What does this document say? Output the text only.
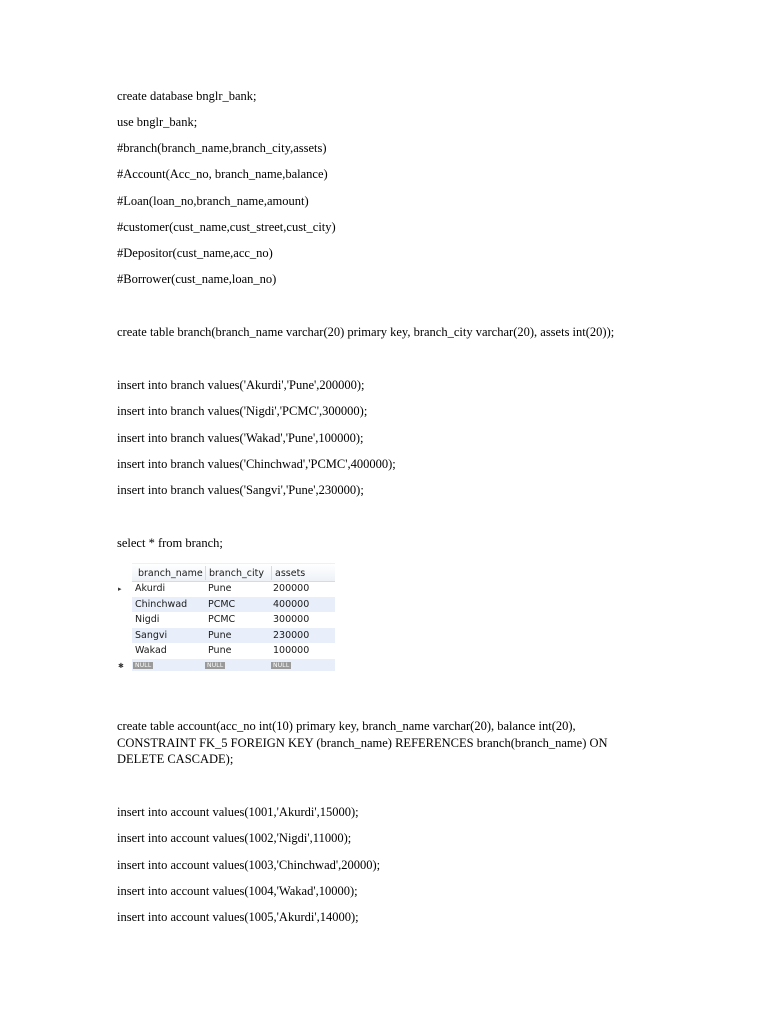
create database bnglr_bank;

use bnglr_bank;

#branch(branch_name,branch_city,assets)

#Account(Acc_no, branch_name,balance)

#Loan(loan_no,branch_name,amount)

#customer(cust_name,cust_street,cust_city)

#Depositor(cust_name,acc_no)

#Borrower(cust_name,loan_no)

create table branch(branch_name varchar(20) primary key, branch_city varchar(20), assets int(20));

insert into branch values('Akurdi','Pune',200000);

insert into branch values('Nigdi','PCMC',300000);

insert into branch values('Wakad','Pune',100000);

insert into branch values('Chinchwad','PCMC',400000);

insert into branch values('Sangvi','Pune',230000);

select * from branch;

branch_name branch_city assets
▸ Akurdi	Pune	200000
Chinchwad PCMC	400000
Nigdi	PCMC	300000
Sangvi	Pune	230000
Wakad	Pune	100000
✱	NULL	NULL	NULL

create table account(acc_no int(10) primary key, branch_name varchar(20), balance int(20), CONSTRAINT FK_5 FOREIGN KEY (branch_name) REFERENCES branch(branch_name) ON DELETE CASCADE);

insert into account values(1001,'Akurdi',15000);

insert into account values(1002,'Nigdi',11000);

insert into account values(1003,'Chinchwad',20000);

insert into account values(1004,'Wakad',10000);

insert into account values(1005,'Akurdi',14000);
